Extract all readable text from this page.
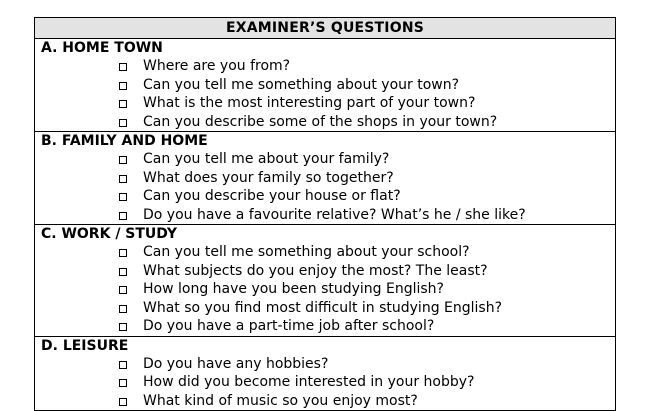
EXAMINER’S QUESTIONS
A. HOME TOWN
Where are you from?
Can you tell me something about your town?
What is the most interesting part of your town?
Can you describe some of the shops in your town?
B. FAMILY AND HOME
Can you tell me about your family?
What does your family so together?
Can you describe your house or flat?
Do you have a favourite relative? What’s he / she like?
C. WORK / STUDY
Can you tell me something about your school?
What subjects do you enjoy the most? The least?
How long have you been studying English?
What so you find most difficult in studying English?
Do you have a part-time job after school?
D. LEISURE
Do you have any hobbies?
How did you become interested in your hobby?
What kind of music so you enjoy most?
